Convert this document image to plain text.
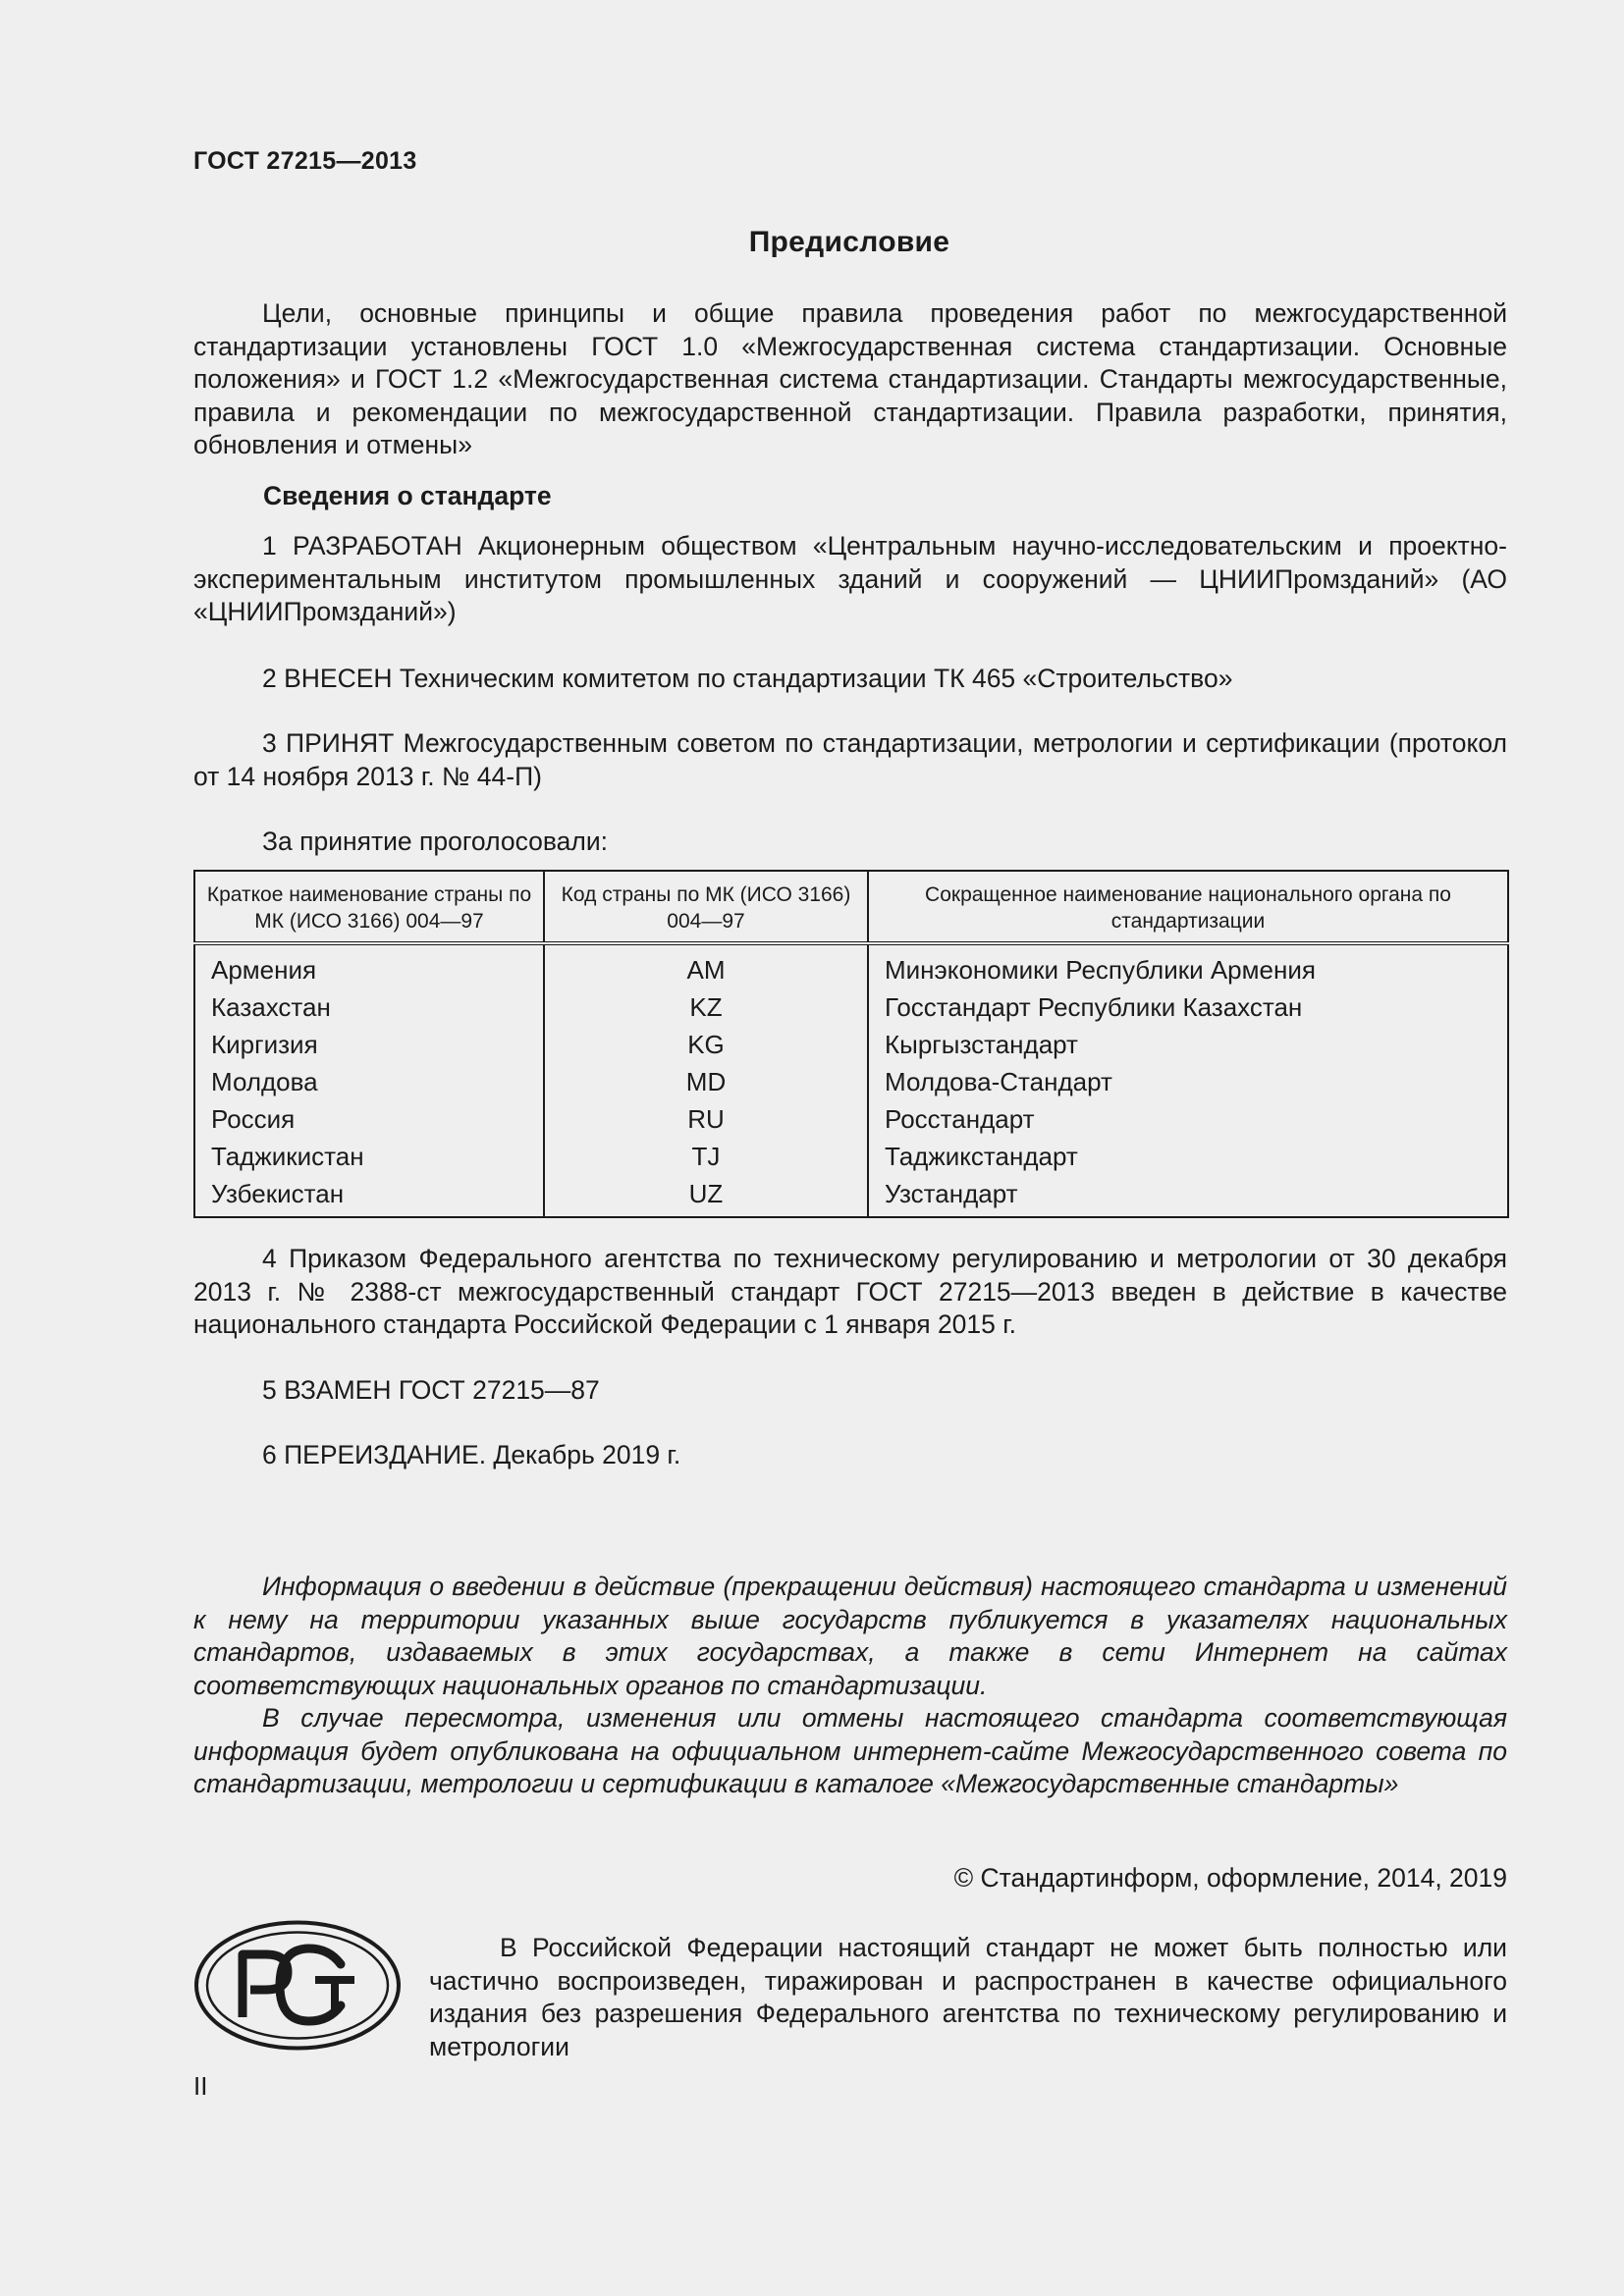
ГОСТ 27215—2013
Предисловие
Цели, основные принципы и общие правила проведения работ по межгосударственной стандартизации установлены ГОСТ 1.0 «Межгосударственная система стандартизации. Основные положения» и ГОСТ 1.2 «Межгосударственная система стандартизации. Стандарты межгосударственные, правила и рекомендации по межгосударственной стандартизации. Правила разработки, принятия, обновления и отмены»
Сведения о стандарте
1 РАЗРАБОТАН Акционерным обществом «Центральным научно-исследовательским и проектно-экспериментальным институтом промышленных зданий и сооружений — ЦНИИПромзданий» (АО «ЦНИИПромзданий»)
2 ВНЕСЕН Техническим комитетом по стандартизации ТК 465 «Строительство»
3 ПРИНЯТ Межгосударственным советом по стандартизации, метрологии и сертификации (протокол от 14 ноября 2013 г. № 44-П)
За принятие проголосовали:
Краткое наименование страны по МК (ИСО 3166) 004—97	Код страны по МК (ИСО 3166) 004—97	Сокращенное наименование национального органа по стандартизации
Армения	AM	Минэкономики Республики Армения
Казахстан	KZ	Госстандарт Республики Казахстан
Киргизия	KG	Кыргызстандарт
Молдова	MD	Молдова-Стандарт
Россия	RU	Росстандарт
Таджикистан	TJ	Таджикстандарт
Узбекистан	UZ	Узстандарт
4 Приказом Федерального агентства по техническому регулированию и метрологии от 30 декабря 2013 г. № 2388-ст межгосударственный стандарт ГОСТ 27215—2013 введен в действие в качестве национального стандарта Российской Федерации с 1 января 2015 г.
5 ВЗАМЕН ГОСТ 27215—87
6 ПЕРЕИЗДАНИЕ. Декабрь 2019 г.
Информация о введении в действие (прекращении действия) настоящего стандарта и изменений к нему на территории указанных выше государств публикуется в указателях национальных стандартов, издаваемых в этих государствах, а также в сети Интернет на сайтах соответствующих национальных органов по стандартизации.
В случае пересмотра, изменения или отмены настоящего стандарта соответствующая информация будет опубликована на официальном интернет-сайте Межгосударственного совета по стандартизации, метрологии и сертификации в каталоге «Межгосударственные стандарты»
© Стандартинформ, оформление, 2014, 2019
В Российской Федерации настоящий стандарт не может быть полностью или частично воспроизведен, тиражирован и распространен в качестве официального издания без разрешения Федерального агентства по техническому регулированию и метрологии
II
